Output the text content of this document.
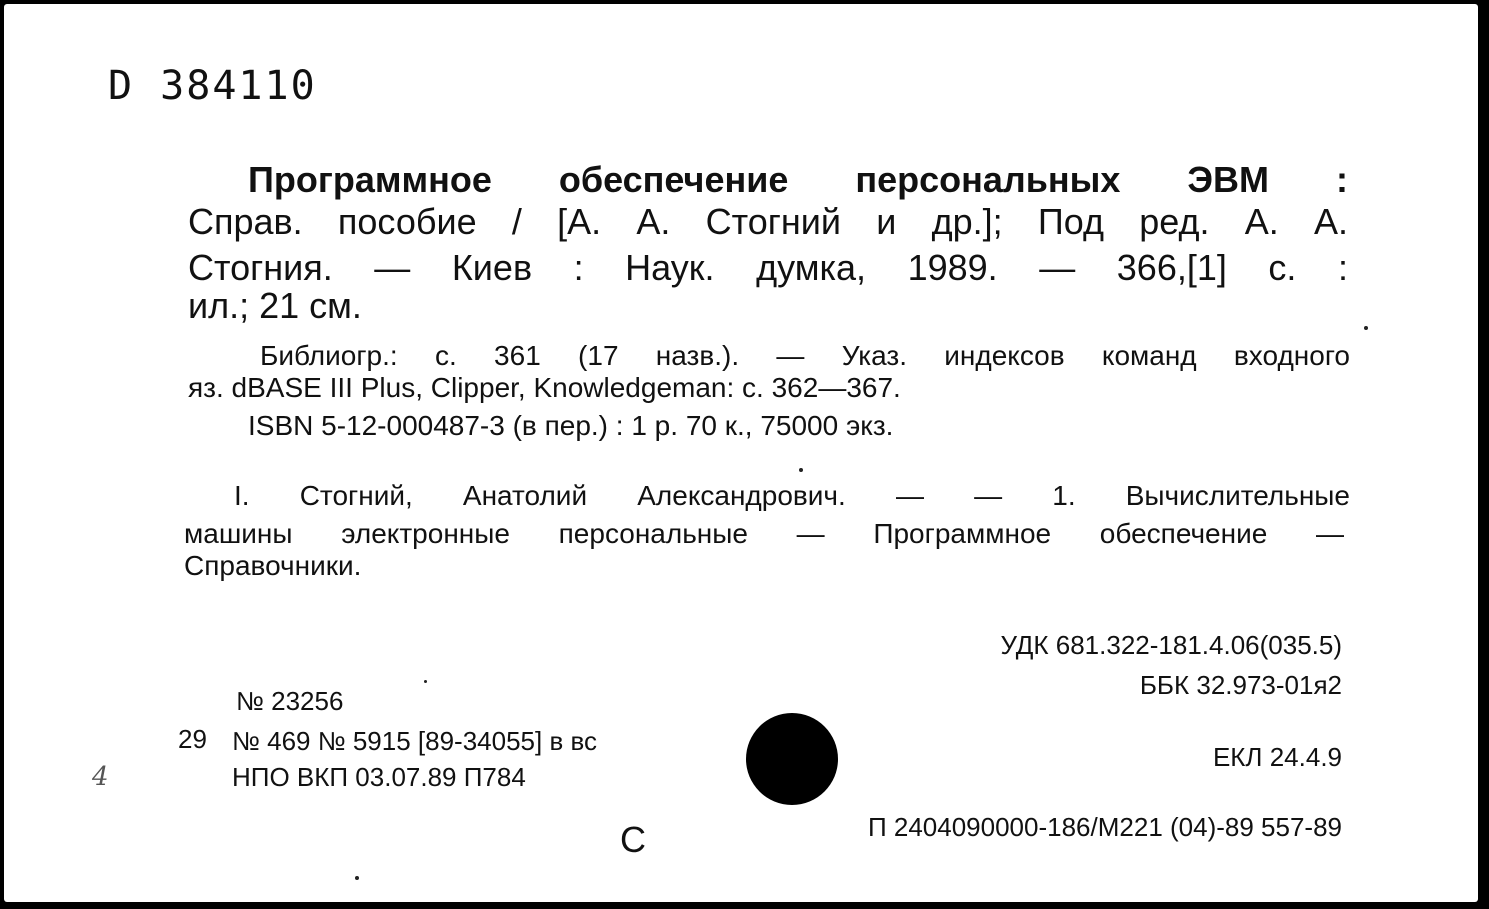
D 384110
Программное обеспечение персональных ЭВМ :
Справ. пособие / [А. А. Стогний и др.]; Под ред. А. А.
Стогния. — Киев : Наук. думка, 1989. — 366,[1] с. :
ил.; 21 см.
Библиогр.: с. 361 (17 назв.). — Указ. индексов команд входного
яз. dBASE III Plus, Clipper, Knowledgeman: с. 362—367.
ISBN 5-12-000487-3 (в пер.) : 1 р. 70 к., 75000 экз.
I. Стогний, Анатолий Александрович. — — 1. Вычислительные
машины электронные персональные — Программное обеспечение —
Справочники.
УДК 681.322-181.4.06(035.5)
ББК 32.973-01я2
ЕКЛ 24.4.9
№ 23256
29 № 469 № 5915 [89-34055] в вс
НПО ВКП 03.07.89 П784
С	П 2404090000-186/М221 (04)-89 557-89
4
